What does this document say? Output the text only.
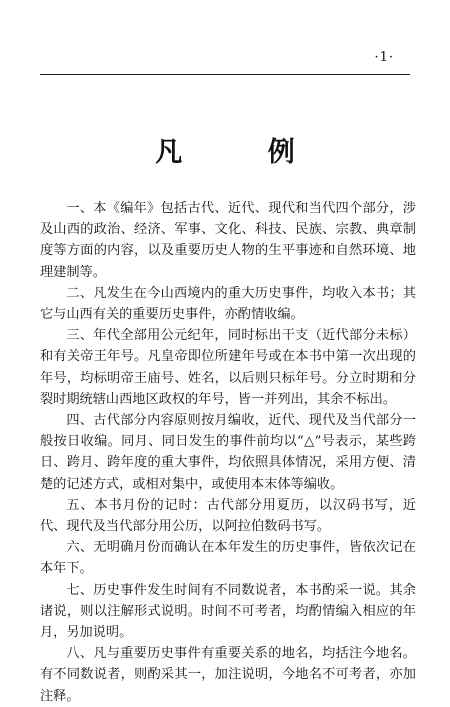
·1·
凡 例

一、本《编年》包括古代、近代、现代和当代四个部分，涉及山西的政治、经济、军事、文化、科技、民族、宗教、典章制度等方面的内容，以及重要历史人物的生平事迹和自然环境、地理建制等。

二、凡发生在今山西境内的重大历史事件，均收入本书；其它与山西有关的重要历史事件，亦酌情收编。

三、年代全部用公元纪年，同时标出干支（近代部分未标）和有关帝王年号。凡皇帝即位所建年号或在本书中第一次出现的年号，均标明帝王庙号、姓名，以后则只标年号。分立时期和分裂时期统辖山西地区政权的年号，皆一并列出，其余不标出。

四、古代部分内容原则按月编收，近代、现代及当代部分一般按日收编。同月、同日发生的事件前均以“△”号表示，某些跨日、跨月、跨年度的重大事件，均依照具体情况，采用方便、清楚的记述方式，或相对集中，或使用本末体等编收。

五、本书月份的记时：古代部分用夏历，以汉码书写，近代、现代及当代部分用公历，以阿拉伯数码书写。

六、无明确月份而确认在本年发生的历史事件，皆依次记在本年下。

七、历史事件发生时间有不同数说者，本书酌采一说。其余诸说，则以注解形式说明。时间不可考者，均酌情编入相应的年月，另加说明。

八、凡与重要历史事件有重要关系的地名，均括注今地名。有不同数说者，则酌采其一，加注说明，今地名不可考者，亦加注释。
